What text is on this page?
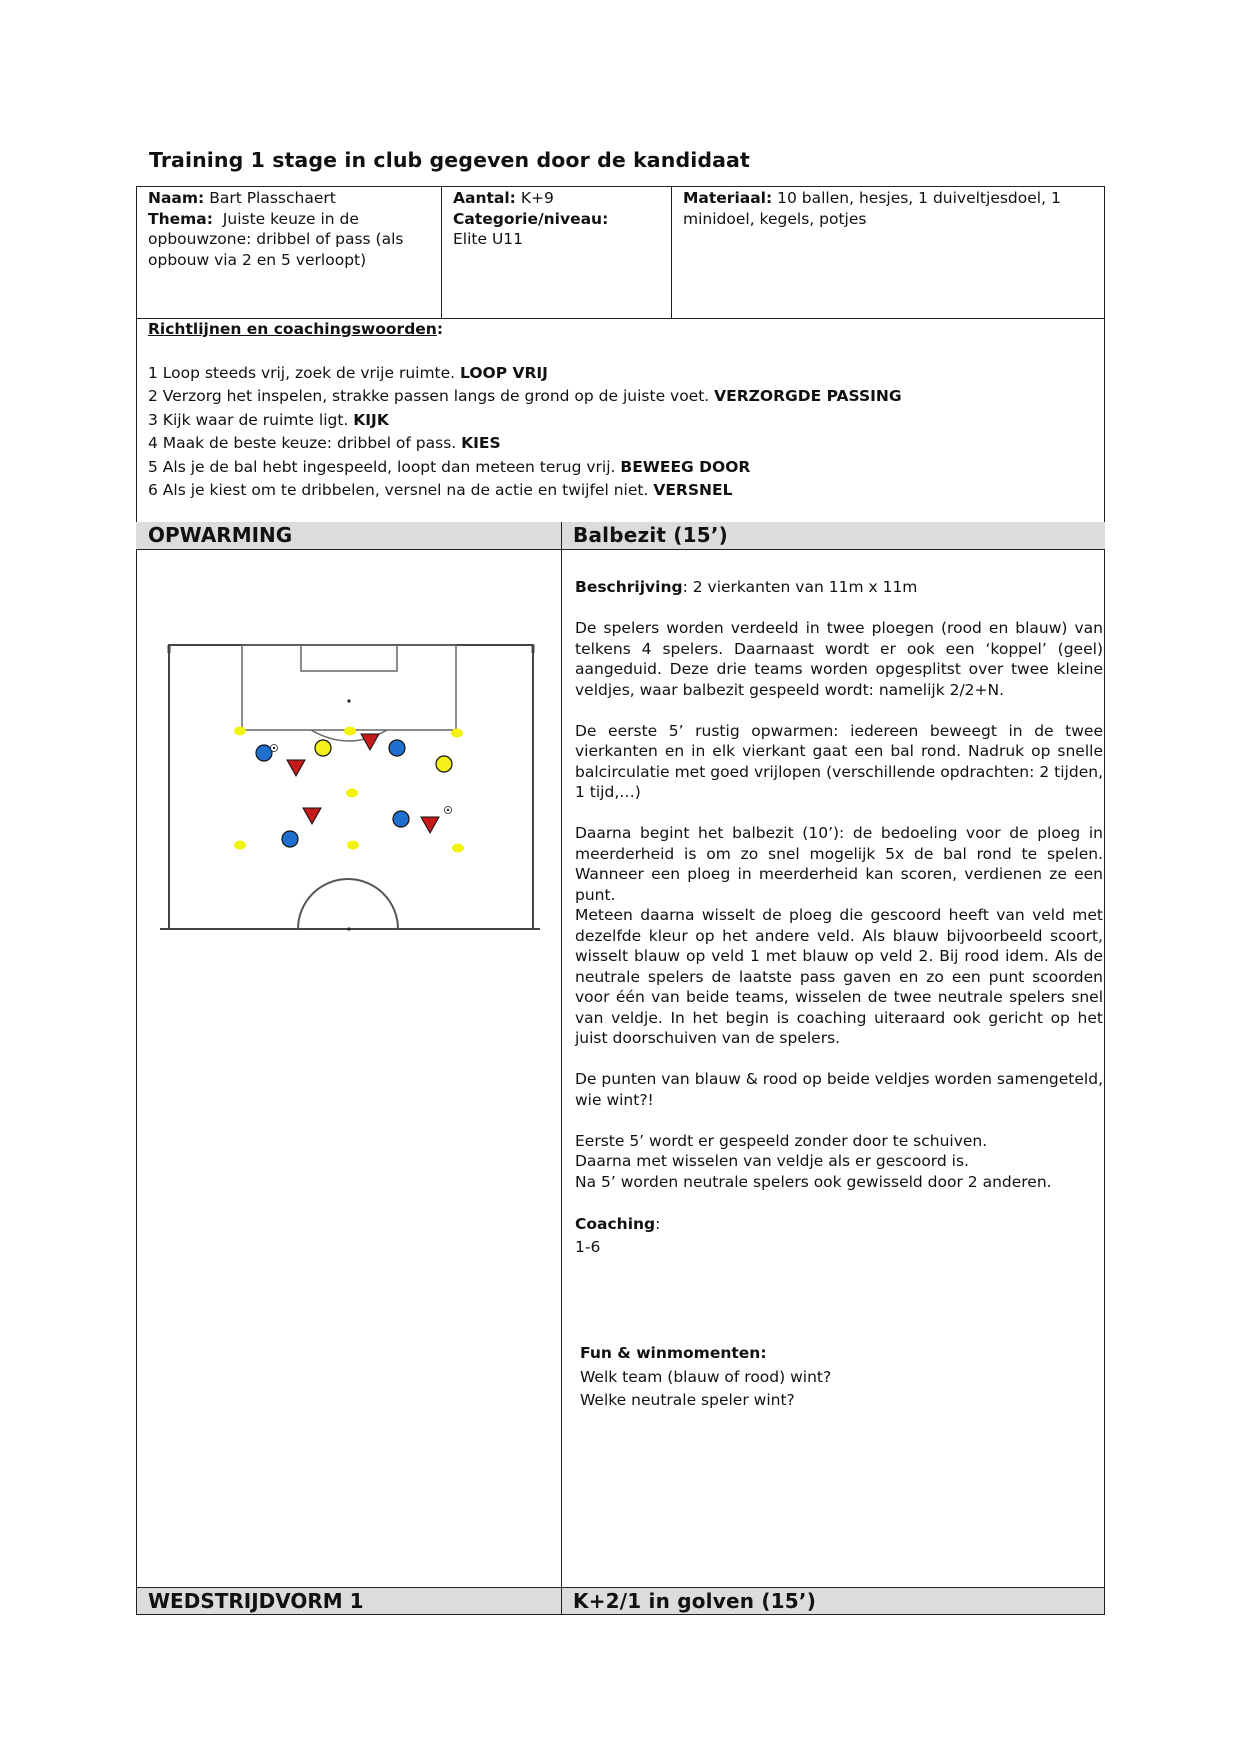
Training 1 stage in club gegeven door de kandidaat
Naam: Bart Plasschaert
Thema: Juiste keuze in de opbouwzone: dribbel of pass (als opbouw via 2 en 5 verloopt)
Aantal: K+9
Categorie/niveau:
Elite U11
Materiaal: 10 ballen, hesjes, 1 duiveltjesdoel, 1 minidoel, kegels, potjes
Richtlijnen en coachingswoorden:
1 Loop steeds vrij, zoek de vrije ruimte. LOOP VRIJ
2 Verzorg het inspelen, strakke passen langs de grond op de juiste voet. VERZORGDE PASSING
3 Kijk waar de ruimte ligt. KIJK
4 Maak de beste keuze: dribbel of pass. KIES
5 Als je de bal hebt ingespeeld, loopt dan meteen terug vrij. BEWEEG DOOR
6 Als je kiest om te dribbelen, versnel na de actie en twijfel niet. VERSNEL
OPWARMING	Balbezit (15’)

Beschrijving: 2 vierkanten van 11m x 11m

De spelers worden verdeeld in twee ploegen (rood en blauw) van telkens 4 spelers. Daarnaast wordt er ook een ‘koppel’ (geel) aangeduid. Deze drie teams worden opgesplitst over twee kleine veldjes, waar balbezit gespeeld wordt: namelijk 2/2+N.

De eerste 5’ rustig opwarmen: iedereen beweegt in de twee vierkanten en in elk vierkant gaat een bal rond. Nadruk op snelle balcirculatie met goed vrijlopen (verschillende opdrachten: 2 tijden, 1 tijd,…)

Daarna begint het balbezit (10’): de bedoeling voor de ploeg in meerderheid is om zo snel mogelijk 5x de bal rond te spelen. Wanneer een ploeg in meerderheid kan scoren, verdienen ze een punt.

Meteen daarna wisselt de ploeg die gescoord heeft van veld met dezelfde kleur op het andere veld. Als blauw bijvoorbeeld scoort, wisselt blauw op veld 1 met blauw op veld 2. Bij rood idem. Als de neutrale spelers de laatste pass gaven en zo een punt scoorden voor één van beide teams, wisselen de twee neutrale spelers snel van veldje. In het begin is coaching uiteraard ook gericht op het juist doorschuiven van de spelers.

De punten van blauw & rood op beide veldjes worden samengeteld, wie wint?!

Eerste 5’ wordt er gespeeld zonder door te schuiven.
Daarna met wisselen van veldje als er gescoord is.
Na 5’ worden neutrale spelers ook gewisseld door 2 anderen.

Coaching:
1-6
Fun & winmomenten:
Welk team (blauw of rood) wint?
Welke neutrale speler wint?
WEDSTRIJDVORM 1	K+2/1 in golven (15’)
